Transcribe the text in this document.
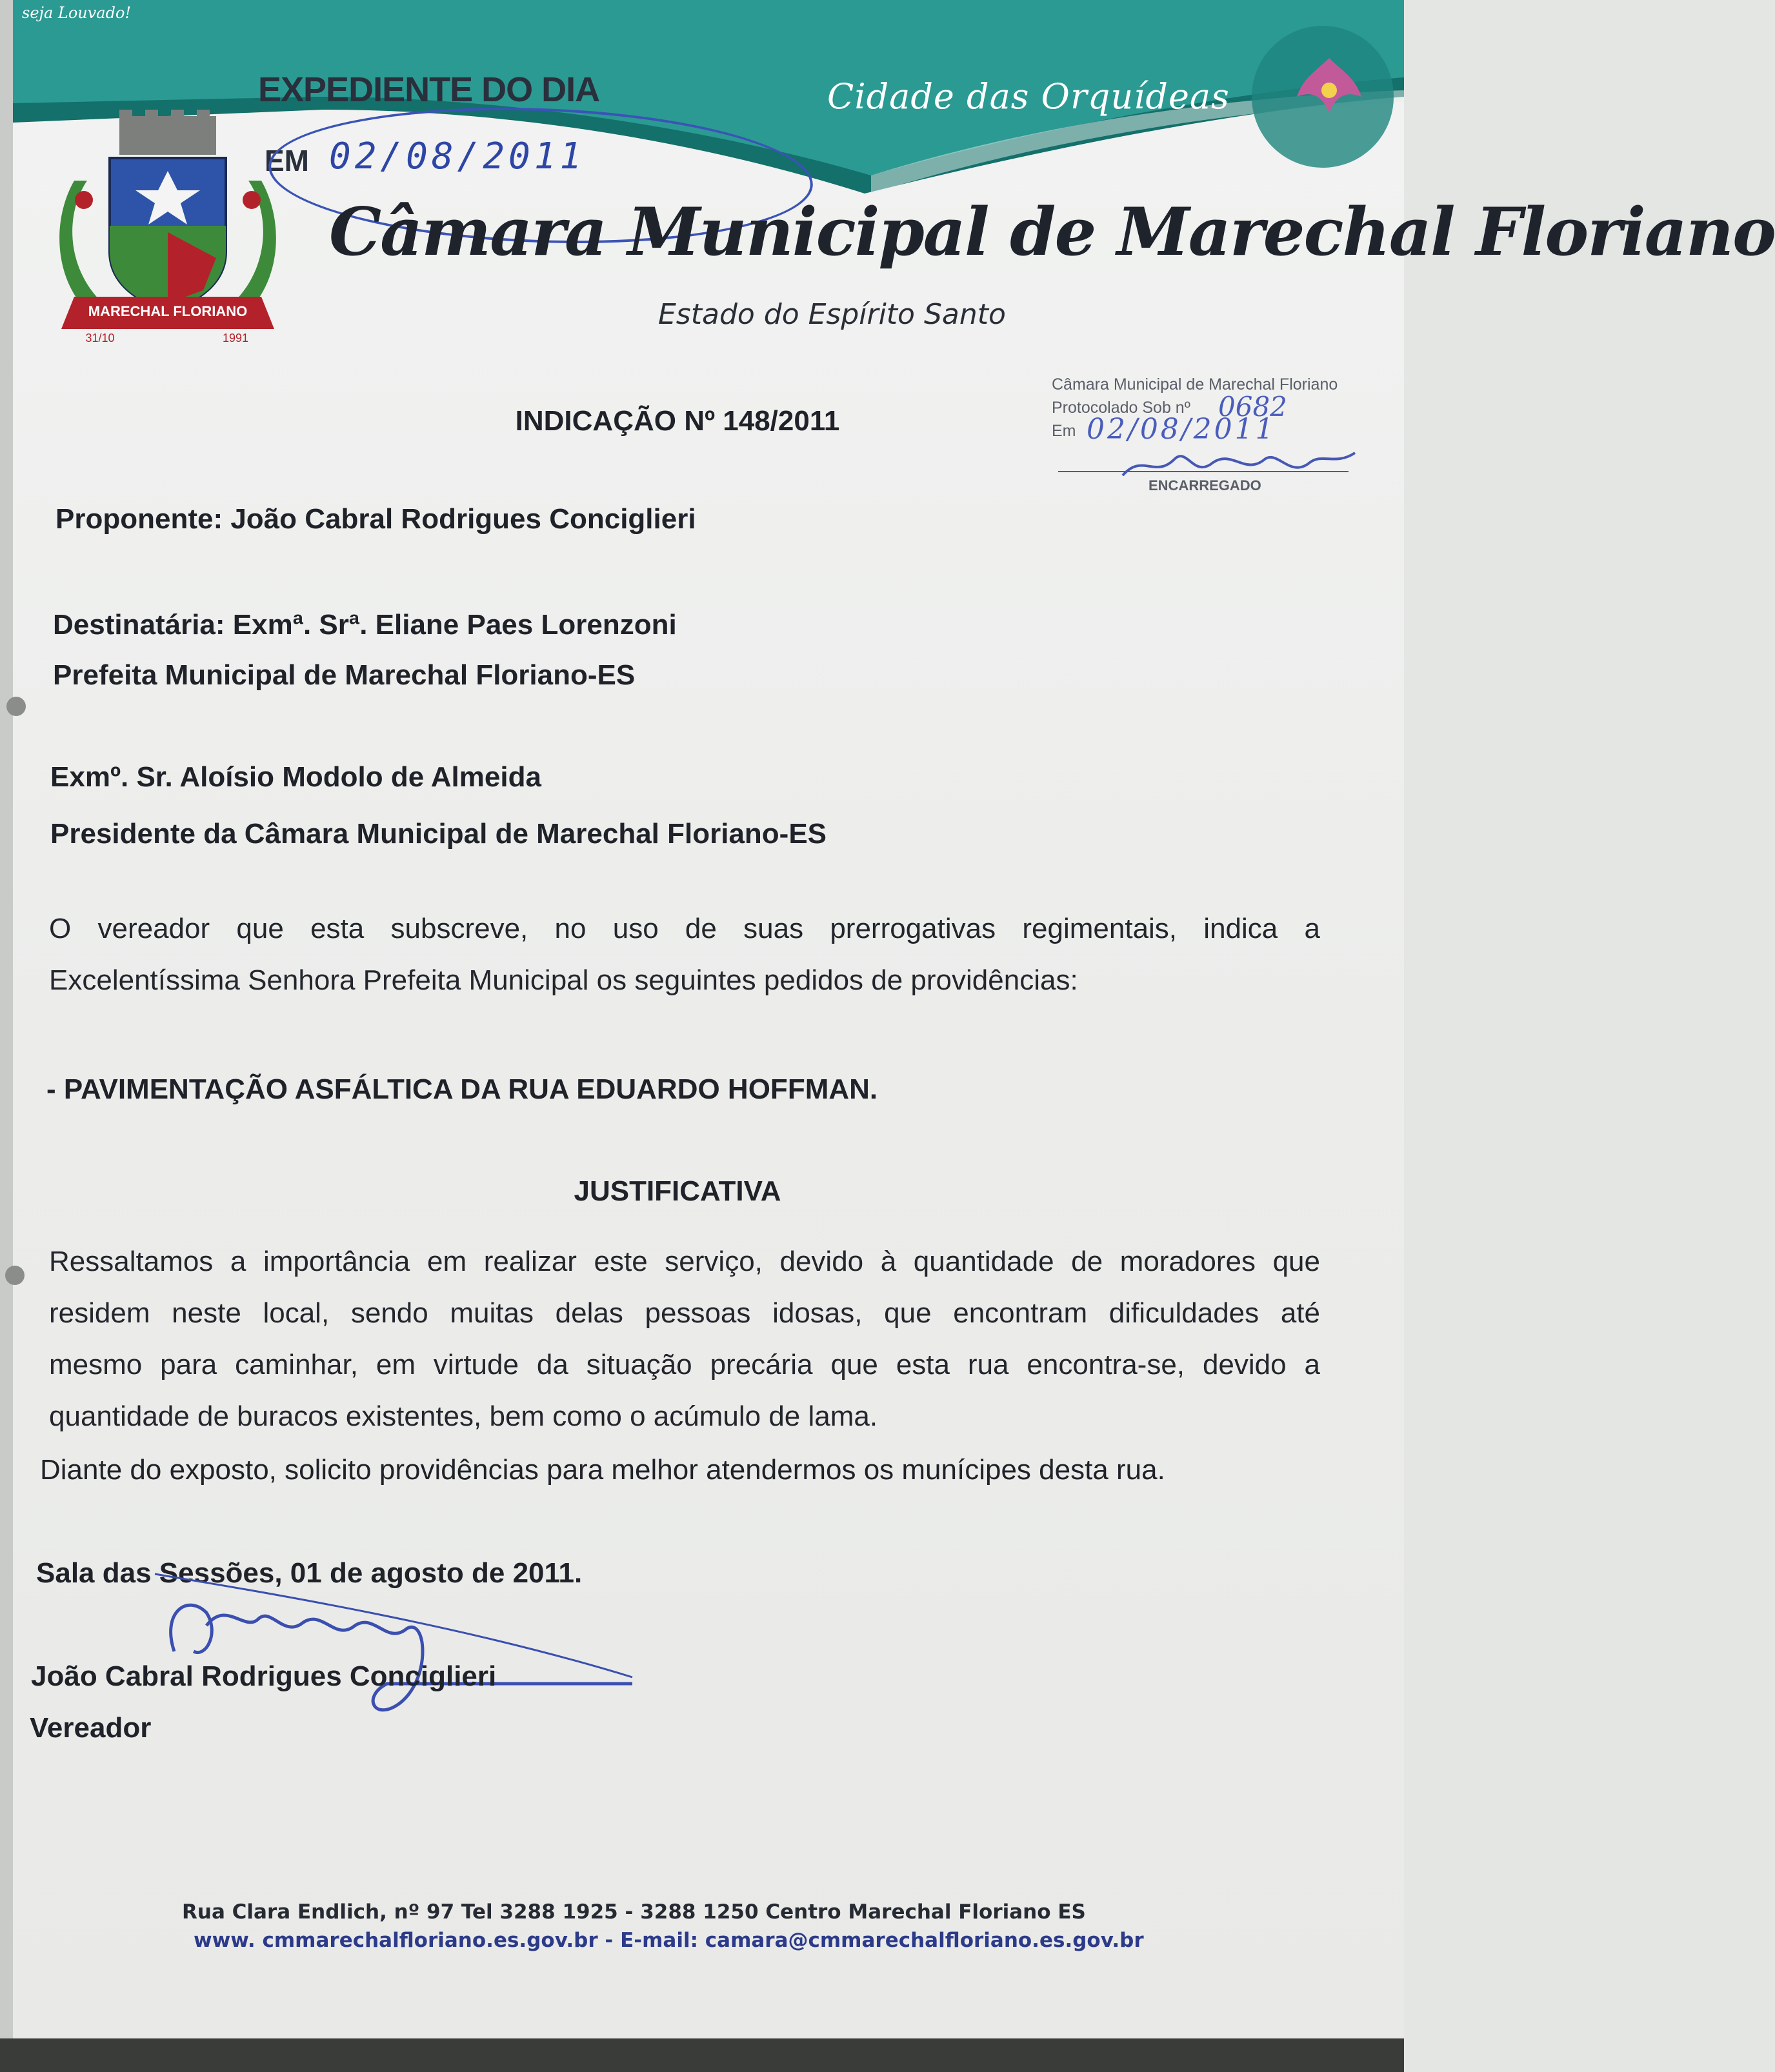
seja Louvado!
Cidade das Orquídeas
MARECHAL FLORIANO
31/10	1991
EXPEDIENTE DO DIA
EM 02/08/2011
Câmara Municipal de Marechal Floriano
Estado do Espírito Santo
Câmara Municipal de Marechal Floriano
Protocolado Sob nº 0682
Em 02/08/2011
ENCARREGADO
INDICAÇÃO Nº 148/2011
Proponente: João Cabral Rodrigues Conciglieri
Destinatária: Exmª. Srª. Eliane Paes Lorenzoni
Prefeita Municipal de Marechal Floriano-ES
Exmº. Sr. Aloísio Modolo de Almeida
Presidente da Câmara Municipal de Marechal Floriano-ES
O vereador que esta subscreve, no uso de suas prerrogativas regimentais, indica a
Excelentíssima Senhora Prefeita Municipal os seguintes pedidos de providências:
- PAVIMENTAÇÃO ASFÁLTICA DA RUA EDUARDO HOFFMAN.
JUSTIFICATIVA
Ressaltamos a importância em realizar este serviço, devido à quantidade de moradores que
residem neste local, sendo muitas delas pessoas idosas, que encontram dificuldades até
mesmo para caminhar, em virtude da situação precária que esta rua encontra-se, devido a
quantidade de buracos existentes, bem como o acúmulo de lama.
Diante do exposto, solicito providências para melhor atendermos os munícipes desta rua.
Sala das Sessões, 01 de agosto de 2011.
João Cabral Rodrigues Conciglieri
Vereador
Rua Clara Endlich, nº 97 Tel 3288 1925 - 3288 1250 Centro Marechal Floriano ES
www. cmmarechalfloriano.es.gov.br - E-mail: camara@cmmarechalfloriano.es.gov.br
